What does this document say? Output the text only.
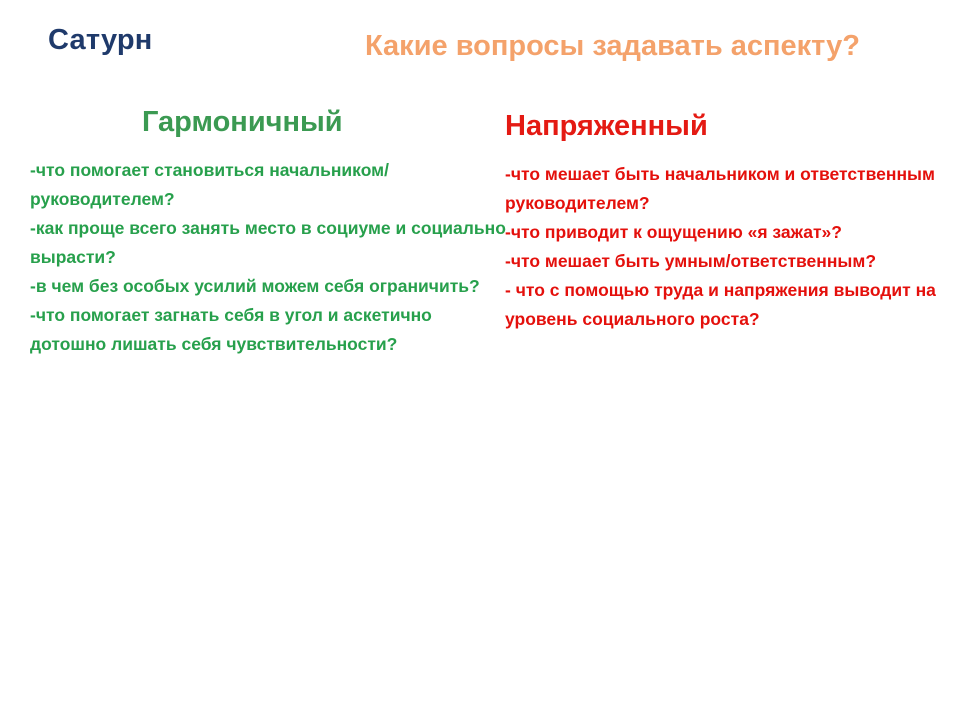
Сатурн	Какие вопросы задавать аспекту?
Гармоничный
-что помогает становиться начальником/ руководителем?
-как проще всего занять место в социуме и социально вырасти?
-в чем без особых усилий можем себя ограничить?
-что помогает загнать себя в угол и аскетично дотошно лишать себя чувствительности?
Напряженный
-что мешает быть начальником и ответственным руководителем?
-что приводит к ощущению «я зажат»?
-что мешает быть умным/ответственным?
- что с помощью труда и напряжения выводит на уровень социального роста?
